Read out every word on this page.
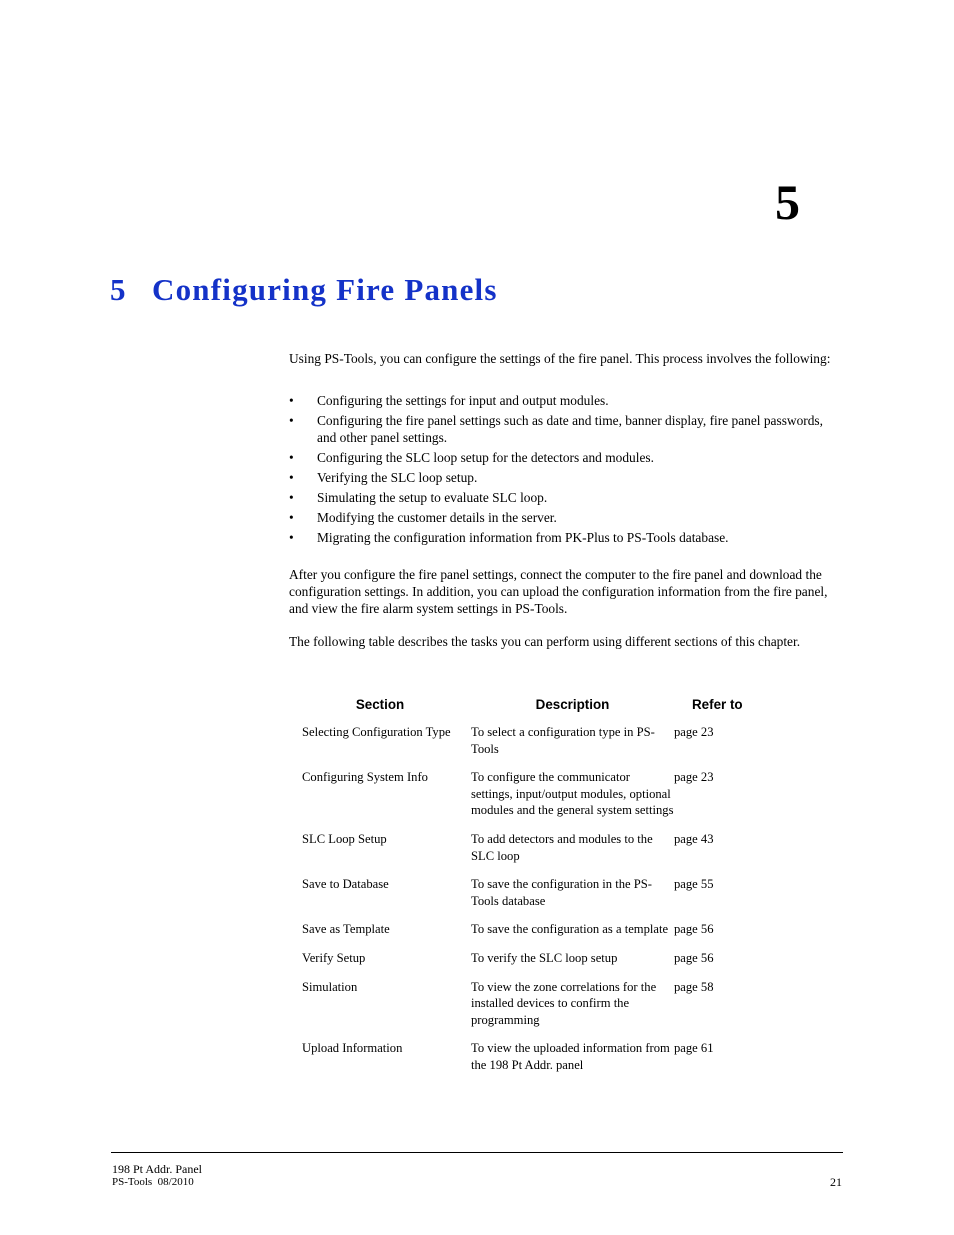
5
5 Configuring Fire Panels
Using PS-Tools, you can configure the settings of the fire panel. This process involves the following:
• Configuring the settings for input and output modules.
• Configuring the fire panel settings such as date and time, banner display, fire panel passwords, and other panel settings.
• Configuring the SLC loop setup for the detectors and modules.
• Verifying the SLC loop setup.
• Simulating the setup to evaluate SLC loop.
• Modifying the customer details in the server.
• Migrating the configuration information from PK-Plus to PS-Tools database.
After you configure the fire panel settings, connect the computer to the fire panel and download the configuration settings. In addition, you can upload the configuration information from the fire panel, and view the fire alarm system settings in PS-Tools.
The following table describes the tasks you can perform using different sections of this chapter.
Section	Description	Refer to
Selecting Configuration Type	To select a configuration type in PS-Tools	page 23
Configuring System Info	To configure the communicator settings, input/output modules, optional modules and the general system settings	page 23
SLC Loop Setup	To add detectors and modules to the SLC loop	page 43
Save to Database	To save the configuration in the PS-Tools database	page 55
Save as Template	To save the configuration as a template	page 56
Verify Setup	To verify the SLC loop setup	page 56
Simulation	To view the zone correlations for the installed devices to confirm the programming	page 58
Upload Information	To view the uploaded information from the 198 Pt Addr. panel	page 61
198 Pt Addr. Panel
PS-Tools  08/2010	21
